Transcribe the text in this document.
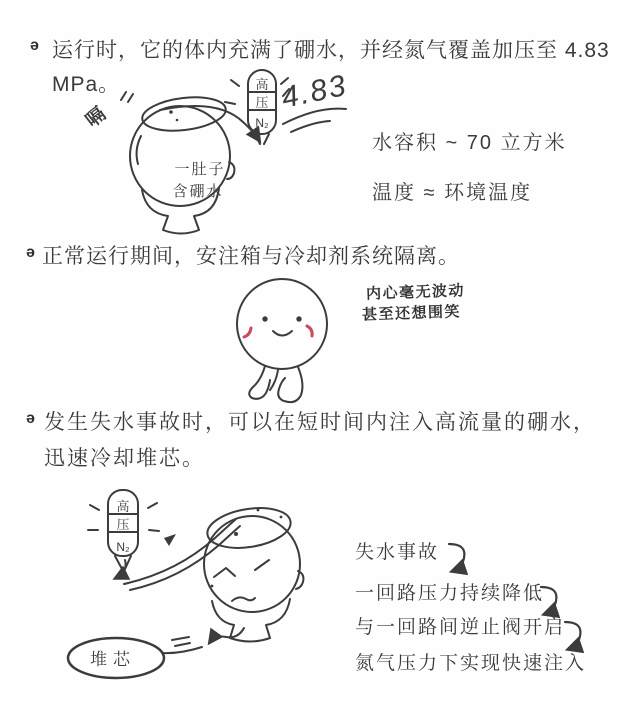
ə 运行时，它的体内充满了硼水，并经氮气覆盖加压至 4.83
MPa。
水容积 ~ 70 立方米
温度 ≈ 环境温度
一肚子
含硼水
高
压
N₂
嗝
4.83
ə 正常运行期间，安注箱与冷却剂系统隔离。
内心毫无波动
甚至还想围笑
ə 发生失水事故时，可以在短时间内注入高流量的硼水，
迅速冷却堆芯。
高
压
N₂
堆芯
失水事故
一回路压力持续降低
与一回路间逆止阀开启
氮气压力下实现快速注入
